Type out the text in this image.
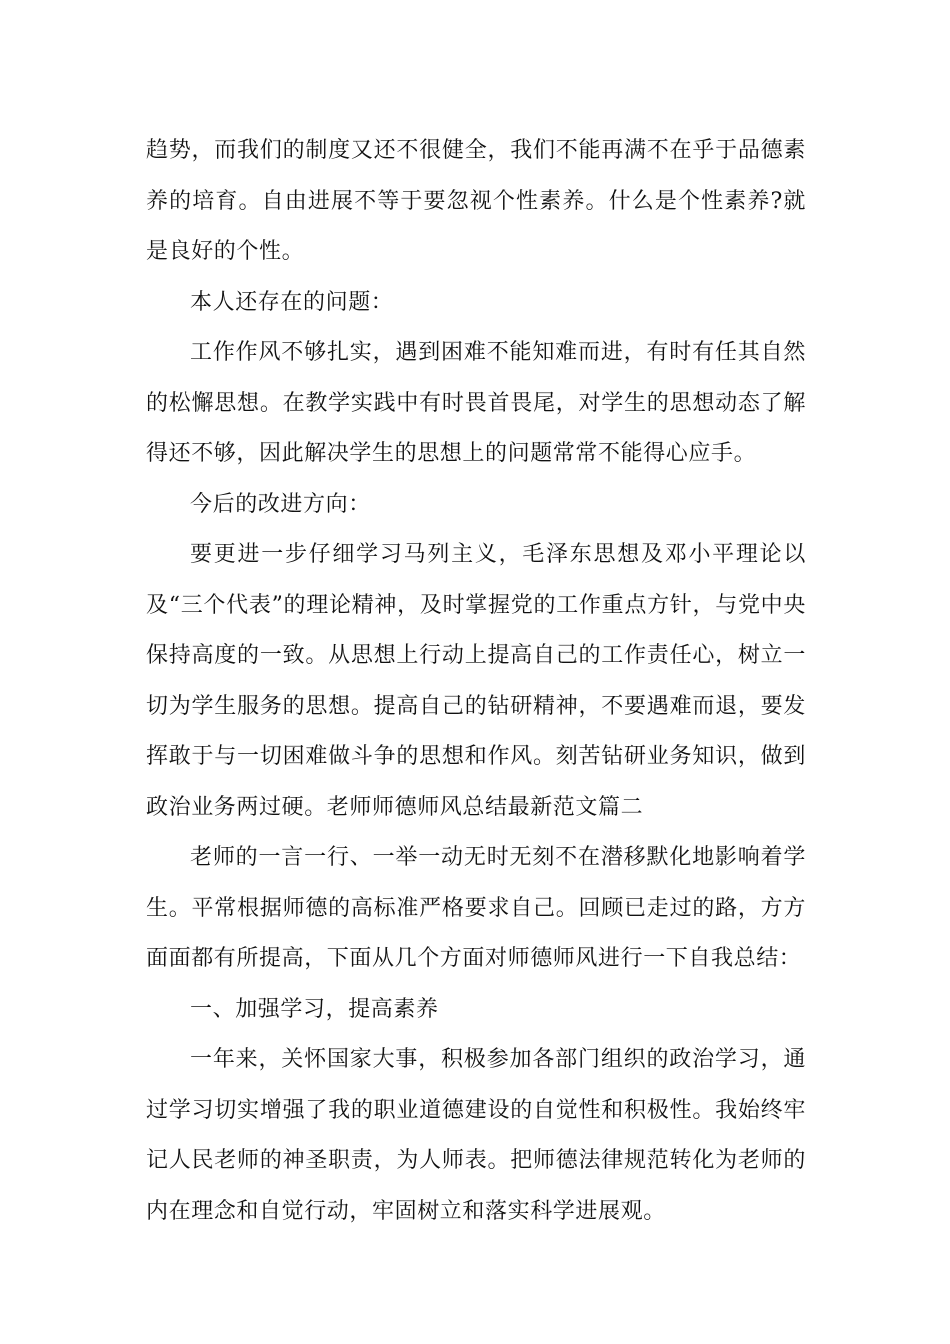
趋势，而我们的制度又还不很健全，我们不能再满不在乎于品德素养的培育。自由进展不等于要忽视个性素养。什么是个性素养?就是良好的个性。

本人还存在的问题：

工作作风不够扎实，遇到困难不能知难而进，有时有任其自然的松懈思想。在教学实践中有时畏首畏尾，对学生的思想动态了解得还不够，因此解决学生的思想上的问题常常不能得心应手。

今后的改进方向：

要更进一步仔细学习马列主义，毛泽东思想及邓小平理论以及“三个代表”的理论精神，及时掌握党的工作重点方针，与党中央保持高度的一致。从思想上行动上提高自己的工作责任心，树立一切为学生服务的思想。提高自己的钻研精神，不要遇难而退，要发挥敢于与一切困难做斗争的思想和作风。刻苦钻研业务知识，做到政治业务两过硬。老师师德师风总结最新范文篇二

老师的一言一行、一举一动无时无刻不在潜移默化地影响着学生。平常根据师德的高标准严格要求自己。回顾已走过的路，方方面面都有所提高，下面从几个方面对师德师风进行一下自我总结：

一、加强学习，提高素养

一年来，关怀国家大事，积极参加各部门组织的政治学习，通过学习切实增强了我的职业道德建设的自觉性和积极性。我始终牢记人民老师的神圣职责，为人师表。把师德法律规范转化为老师的内在理念和自觉行动，牢固树立和落实科学进展观。
